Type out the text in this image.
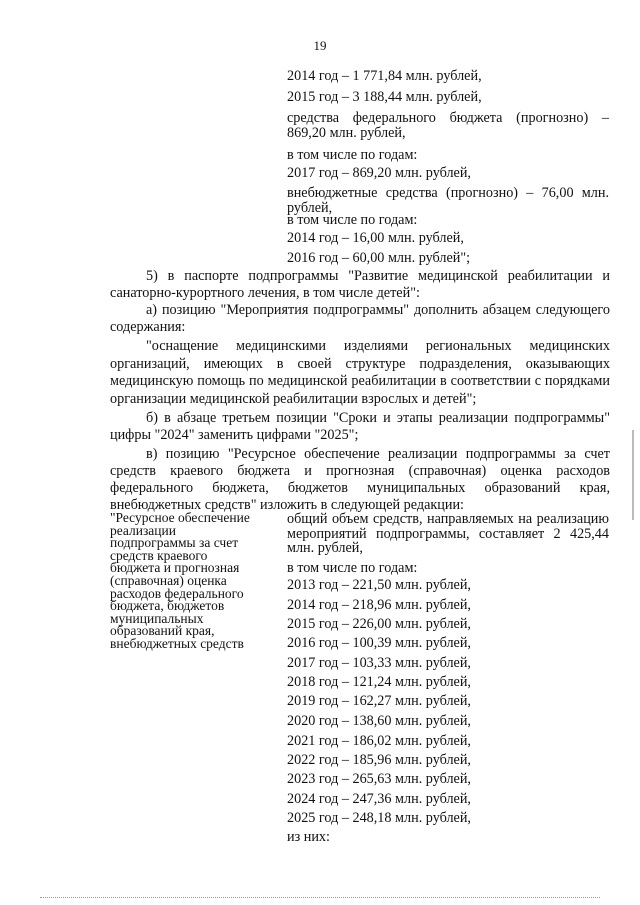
19
2014 год – 1 771,84 млн. рублей,
2015 год – 3 188,44 млн. рублей,
средства федерального бюджета (прогнозно) – 869,20 млн. рублей,
в том числе по годам:
2017 год – 869,20 млн. рублей,
внебюджетные средства (прогнозно) – 76,00 млн. рублей,
в том числе по годам:
2014 год – 16,00 млн. рублей,
2016 год – 60,00 млн. рублей";
5) в паспорте подпрограммы "Развитие медицинской реабилитации и санаторно-курортного лечения, в том числе детей":
а) позицию "Мероприятия подпрограммы" дополнить абзацем следующего содержания:
"оснащение медицинскими изделиями региональных медицинских организаций, имеющих в своей структуре подразделения, оказывающих медицинскую помощь по медицинской реабилитации в соответствии с порядками организации медицинской реабилитации взрослых и детей";
б) в абзаце третьем позиции "Сроки и этапы реализации подпрограммы" цифры "2024" заменить цифрами "2025";
в) позицию "Ресурсное обеспечение реализации подпрограммы за счет средств краевого бюджета и прогнозная (справочная) оценка расходов федерального бюджета, бюджетов муниципальных образований края, внебюджетных средств" изложить в следующей редакции:
"Ресурсное обеспечение
реализации
подпрограммы за счет
средств краевого
бюджета и прогнозная
(справочная) оценка
расходов федерального
бюджета, бюджетов
муниципальных
образований края,
внебюджетных средств
общий объем средств, направляемых на реализацию мероприятий подпрограммы, составляет 2 425,44 млн. рублей,
в том числе по годам:
2013 год – 221,50 млн. рублей,
2014 год – 218,96 млн. рублей,
2015 год – 226,00 млн. рублей,
2016 год – 100,39 млн. рублей,
2017 год – 103,33 млн. рублей,
2018 год – 121,24 млн. рублей,
2019 год – 162,27 млн. рублей,
2020 год – 138,60 млн. рублей,
2021 год – 186,02 млн. рублей,
2022 год – 185,96 млн. рублей,
2023 год – 265,63 млн. рублей,
2024 год – 247,36 млн. рублей,
2025 год – 248,18 млн. рублей,
из них:
